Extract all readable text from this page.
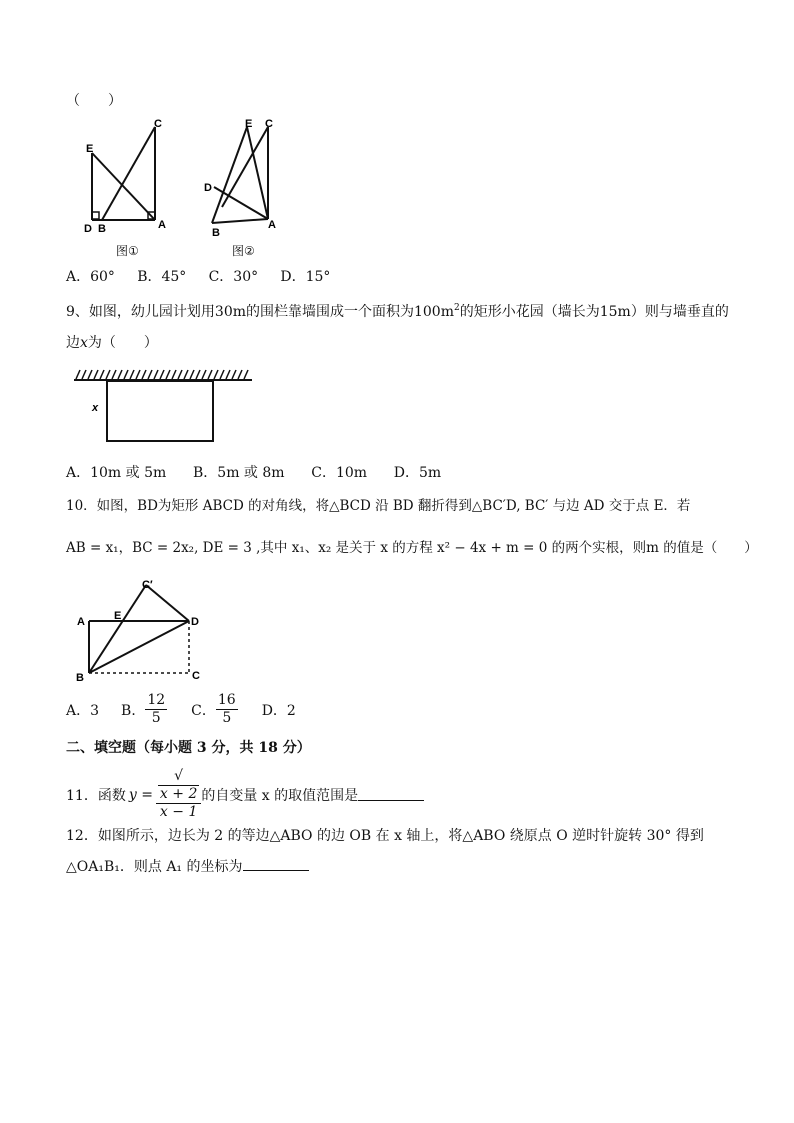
（　　）
E
C
D B	A
图①
E C
D
B
A
图②
A．60° B．45° C．30° D．15°
9、如图，幼儿园计划用30m的围栏靠墙围成一个面积为$100m^2$的矩形小花园（墙长为15m）则与墙垂直的
边x为（　　）
x
A．10m 或 5m B．5m 或 8m C．10m D．5m
10．如图，BD为矩形 ABCD 的对角线，将△BCD 沿 BD 翻折得到△BC′D, BC′ 与边 AD 交于点 E．若
AB = x₁，BC = 2x₂, DE = 3 ,其中 x₁、x₂ 是关于 x 的方程 x² − 4x + m = 0 的两个实根，则m 的值是（　　）
C′
A	E	D
B	C
A．3 B． $\frac{12}{5}$ C． $\frac{16}{5}$ D．2
二、填空题（每小题 3 分，共 18 分）
11．函数 y = √
x + 2
x − 1 的自变量 x 的取值范围是
12．如图所示，边长为 2 的等边△ABO 的边 OB 在 x 轴上，将△ABO 绕原点 O 逆时针旋转 30° 得到
△OA₁B₁．则点 A₁ 的坐标为
